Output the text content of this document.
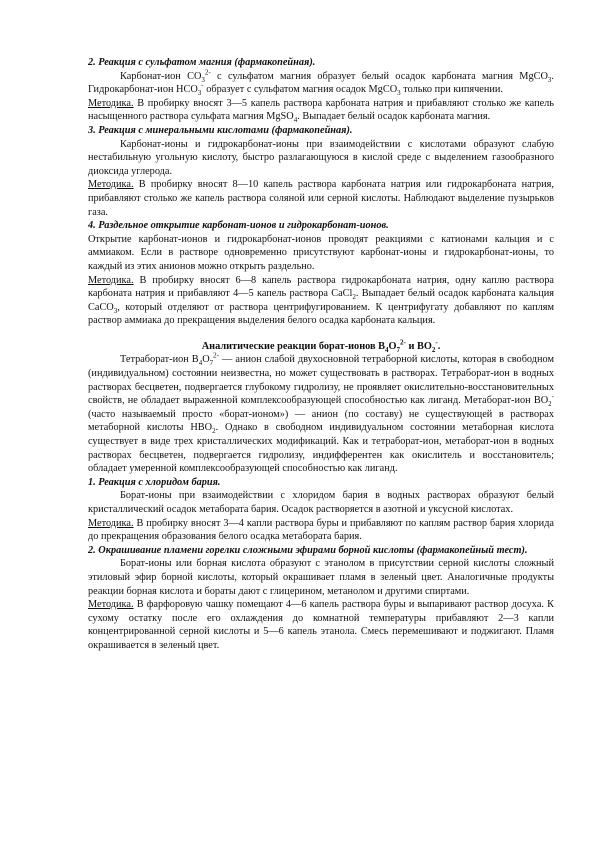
2. Реакция с сульфатом магния (фармакопейная).

Карбонат-ион $CO_3^{2-}$ с сульфатом магния образует белый осадок карбоната магния MgCO$_3$. Гидрокарбонат-ион $HCO_3^-$ образует с сульфатом магния осадок MgCO$_3$ только при кипячении.

Методика. В пробирку вносят 3—5 капель раствора карбоната натрия и прибавляют столько же капель насыщенного раствора сульфата магния MgSO$_4$. Выпадает белый осадок карбоната магния.

3. Реакция с минеральными кислотами (фармакопейная).

Карбонат-ионы и гидрокарбонат-ионы при взаимодействии с кислотами образуют слабую нестабильную угольную кислоту, быстро разлагающуюся в кислой среде с выделением газообразного диоксида углерода.

Методика. В пробирку вносят 8—10 капель раствора карбоната натрия или гидрокарбоната натрия, прибавляют столько же капель раствора соляной или серной кислоты. Наблюдают выделение пузырьков газа.

4. Раздельное открытие карбонат-ионов и гидрокарбонат-ионов.

Открытие карбонат-ионов и гидрокарбонат-ионов проводят реакциями с катионами кальция и с аммиаком. Если в растворе одновременно присутствуют карбонат-ионы и гидрокарбонат-ионы, то каждый из этих анионов можно открыть раздельно.

Методика. В пробирку вносят 6—8 капель раствора гидрокарбоната натрия, одну каплю раствора карбоната натрия и прибавляют 4—5 капель раствора CaCl$_2$. Выпадает белый осадок карбоната кальция CaCO$_3$, который отделяют от раствора центрифугированием. К центрифугату добавляют по каплям раствор аммиака до прекращения выделения белого осадка карбоната кальция.

Аналитические реакции борат-ионов $B_4O_7^{2-}$ и $BO_2^-$.

Тетраборат-ион $B_4O_7^{2-}$ — анион слабой двухосновной тетраборной кислоты, которая в свободном (индивидуальном) состоянии неизвестна, но может существовать в растворах. Тетраборат-ион в водных растворах бесцветен, подвергается глубокому гидролизу, не проявляет окислительно-восстановительных свойств, не обладает выраженной комплексообразующей способностью как лиганд. Метаборат-ион $BO_2^-$ (часто называемый просто «борат-ионом») — анион (по составу) не существующей в растворах метаборной кислоты $HBO_2$. Однако в свободном индивидуальном состоянии метаборная кислота существует в виде трех кристаллических модификаций. Как и тетраборат-ион, метаборат-ион в водных растворах бесцветен, подвергается гидролизу, индифферентен как окислитель и восстановитель; обладает умеренной комплексообразующей способностью как лиганд.

1. Реакция с хлоридом бария.

Борат-ионы при взаимодействии с хлоридом бария в водных растворах образуют белый кристаллический осадок метабората бария. Осадок растворяется в азотной и уксусной кислотах.

Методика. В пробирку вносят 3—4 капли раствора буры и прибавляют по каплям раствор бария хлорида до прекращения образования белого осадка метабората бария.

2. Окрашивание пламени горелки сложными эфирами борной кислоты (фармакопейный тест).

Борат-ионы или борная кислота образуют с этанолом в присутствии серной кислоты сложный этиловый эфир борной кислоты, который окрашивает пламя в зеленый цвет. Аналогичные продукты реакции борная кислота и бораты дают с глицерином, метанолом и другими спиртами.

Методика. В фарфоровую чашку помещают 4—6 капель раствора буры и выпаривают раствор досуха. К сухому остатку после его охлаждения до комнатной температуры прибавляют 2—3 капли концентрированной серной кислоты и 5—6 капель этанола. Смесь перемешивают и поджигают. Пламя окрашивается в зеленый цвет.
